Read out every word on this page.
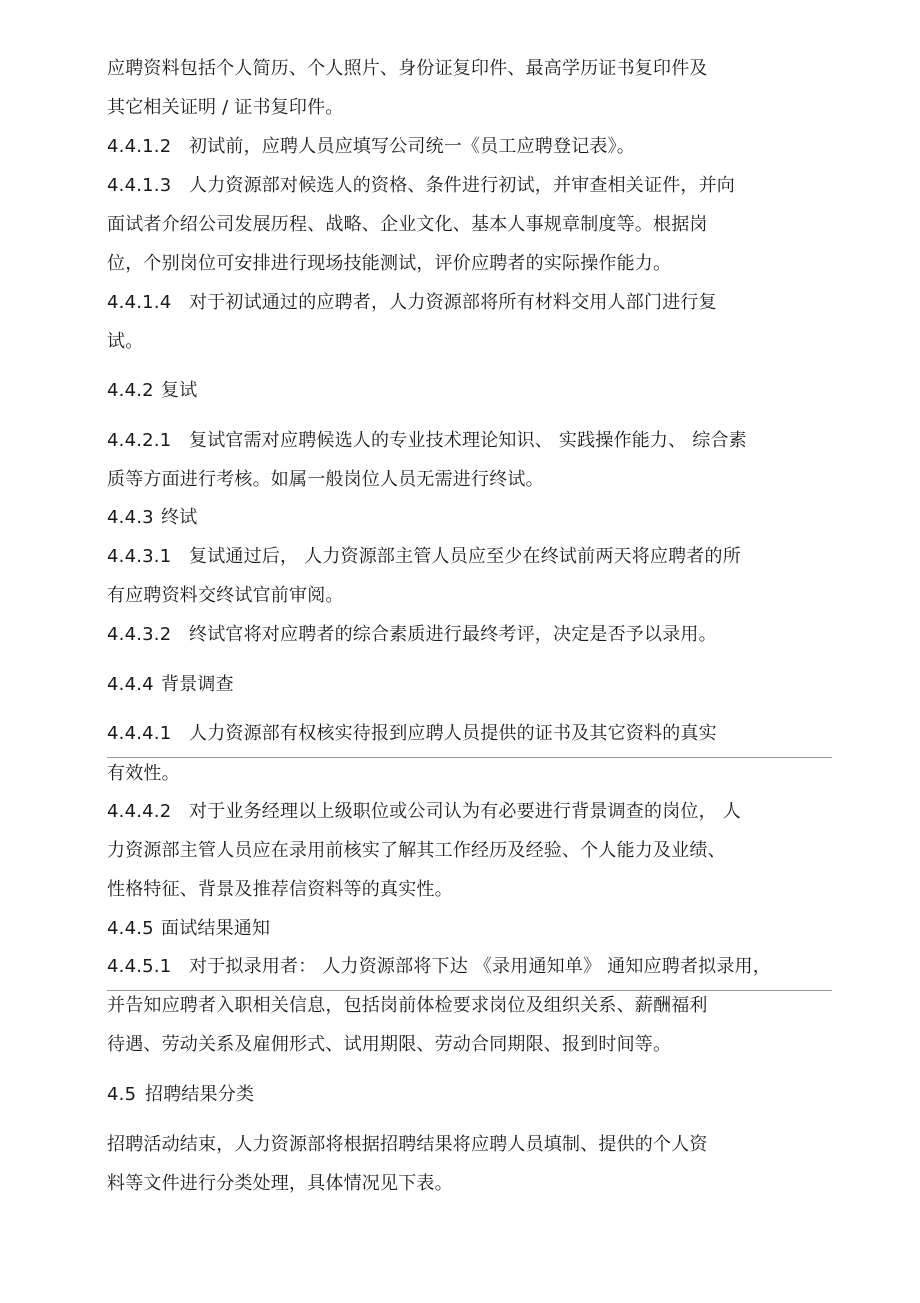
应聘资料包括个人简历、个人照片、身份证复印件、最高学历证书复印件及
其它相关证明 / 证书复印件。
4.4.1.2 初试前，应聘人员应填写公司统一《员工应聘登记表》。
4.4.1.3 人力资源部对候选人的资格、条件进行初试，并审查相关证件，并向
面试者介绍公司发展历程、战略、企业文化、基本人事规章制度等。根据岗
位，个别岗位可安排进行现场技能测试，评价应聘者的实际操作能力。
4.4.1.4 对于初试通过的应聘者，人力资源部将所有材料交用人部门进行复
试。
4.4.2 复试
4.4.2.1 复试官需对应聘候选人的专业技术理论知识、 实践操作能力、 综合素
质等方面进行考核。如属一般岗位人员无需进行终试。
4.4.3 终试
4.4.3.1 复试通过后， 人力资源部主管人员应至少在终试前两天将应聘者的所
有应聘资料交终试官前审阅。
4.4.3.2 终试官将对应聘者的综合素质进行最终考评，决定是否予以录用。
4.4.4 背景调查
4.4.4.1 人力资源部有权核实待报到应聘人员提供的证书及其它资料的真实
有效性。
4.4.4.2 对于业务经理以上级职位或公司认为有必要进行背景调查的岗位， 人
力资源部主管人员应在录用前核实了解其工作经历及经验、个人能力及业绩、
性格特征、背景及推荐信资料等的真实性。
4.4.5 面试结果通知
4.4.5.1 对于拟录用者： 人力资源部将下达 《录用通知单》 通知应聘者拟录用，
并告知应聘者入职相关信息，包括岗前体检要求岗位及组织关系、薪酬福利
待遇、劳动关系及雇佣形式、试用期限、劳动合同期限、报到时间等。
4.5 招聘结果分类
招聘活动结束，人力资源部将根据招聘结果将应聘人员填制、提供的个人资
料等文件进行分类处理，具体情况见下表。
